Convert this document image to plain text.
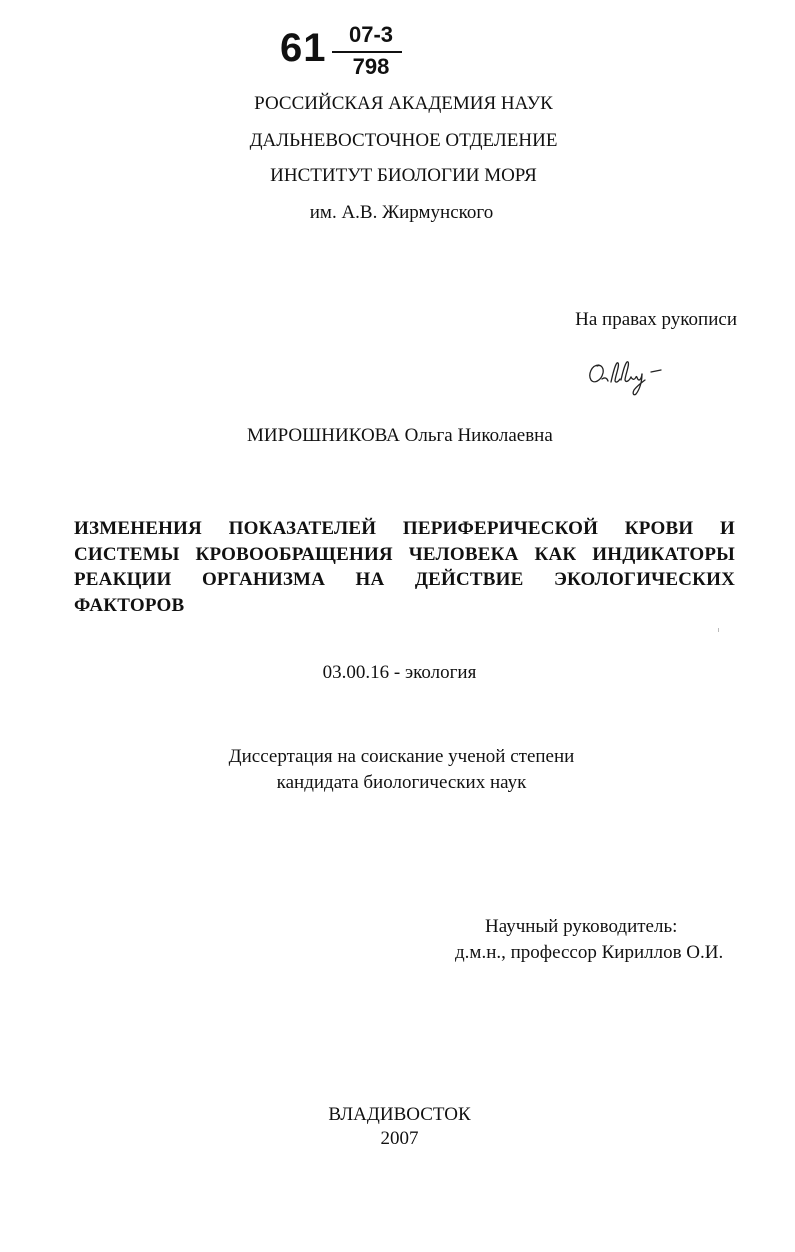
61 07-3
798
РОССИЙСКАЯ АКАДЕМИЯ НАУК
ДАЛЬНЕВОСТОЧНОЕ ОТДЕЛЕНИЕ
ИНСТИТУТ БИОЛОГИИ МОРЯ
им. А.В. Жирмунского
На правах рукописи
МИРОШНИКОВА Ольга Николаевна
ИЗМЕНЕНИЯ ПОКАЗАТЕЛЕЙ ПЕРИФЕРИЧЕСКОЙ КРОВИ И СИСТЕМЫ КРОВООБРАЩЕНИЯ ЧЕЛОВЕКА КАК ИНДИКАТОРЫ РЕАКЦИИ ОРГАНИЗМА НА ДЕЙСТВИЕ ЭКОЛОГИЧЕСКИХ ФАКТОРОВ
03.00.16 - экология
Диссертация на соискание ученой степени
кандидата биологических наук
Научный руководитель:
д.м.н., профессор Кириллов О.И.
ВЛАДИВОСТОК
2007
